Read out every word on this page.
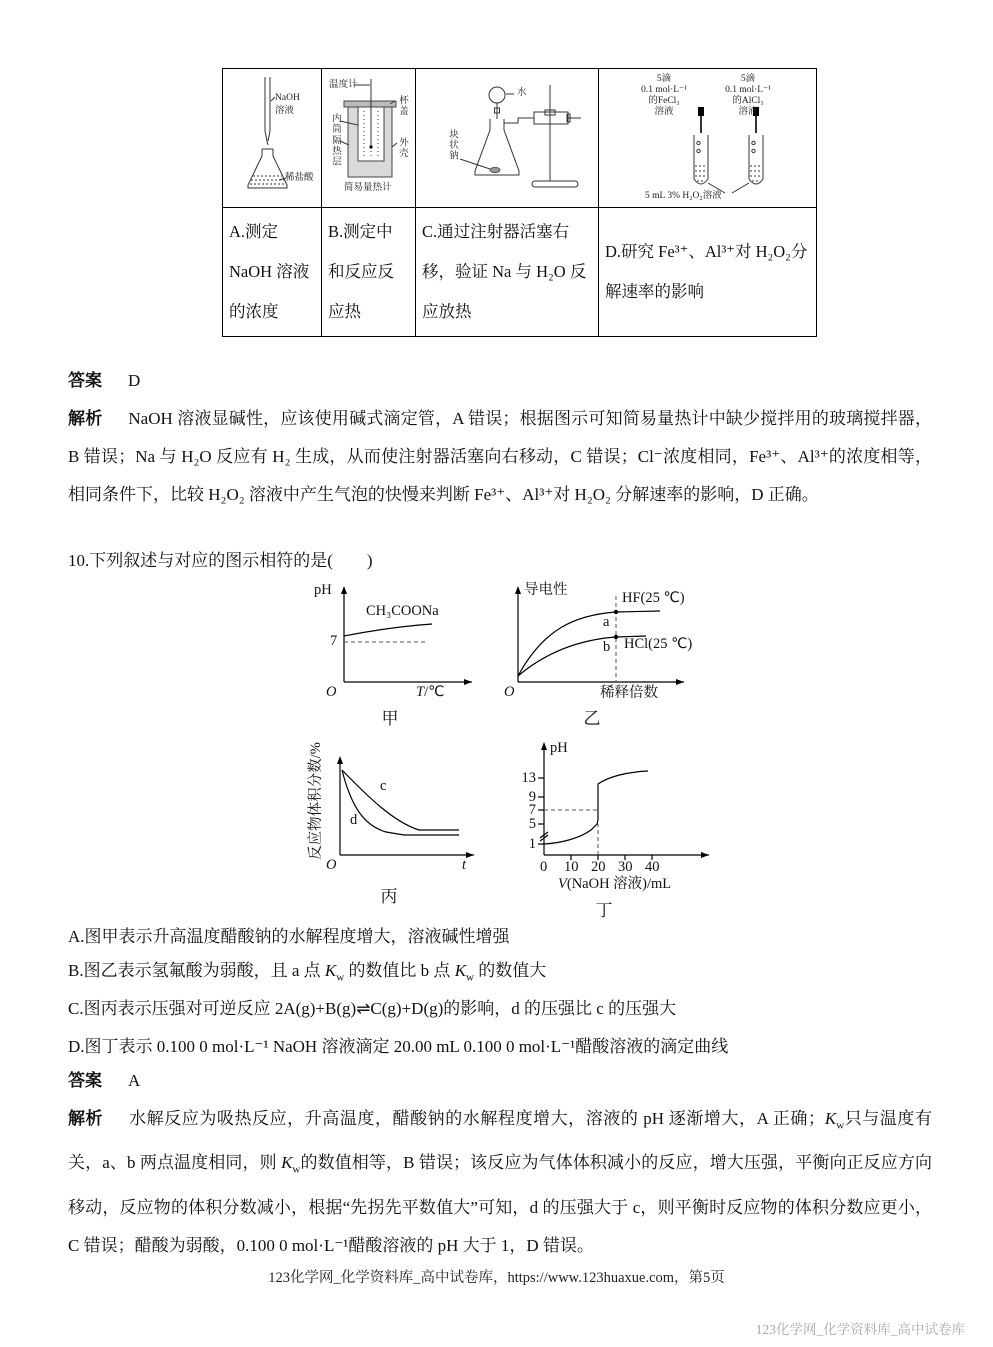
NaOH
溶液
稀盐酸

温度计
杯盖
内筒
隔热层	外壳
简易量热计

水
块状钠

5滴
0.1 mol·L⁻¹
的FeCl₃
溶液
5滴
0.1 mol·L⁻¹
的AlCl₃
溶液
5 mL 3% H₂O₂溶液

A.测定 NaOH 溶液的浓度	B.测定中和反应反应热	C.通过注射器活塞右移，验证 Na 与 H₂O 反应放热	D.研究 Fe³⁺、Al³⁺对 H₂O₂分解速率的影响
答案 D
解析 NaOH 溶液显碱性，应该使用碱式滴定管，A 错误；根据图示可知简易量热计中缺少搅拌用的玻璃搅拌器，B 错误；Na 与 H₂O 反应有 H₂ 生成，从而使注射器活塞向右移动，C 错误；Cl⁻浓度相同，Fe³⁺、Al³⁺的浓度相等，相同条件下，比较 H₂O₂ 溶液中产生气泡的快慢来判断 Fe³⁺、Al³⁺对 H₂O₂ 分解速率的影响，D 正确。
10.下列叙述与对应的图示相符的是(　　)
pH
7
CH₃COONa
O	T/℃
甲
导电性	HF(25 ℃)
a
b HCl(25 ℃)
O	稀释倍数
乙
反应物体积分数/%	c
d
O	t
丙
pH
13
9
7
5
1
0 10 20 30 40
V(NaOH 溶液)/mL
丁
A.图甲表示升高温度醋酸钠的水解程度增大，溶液碱性增强
B.图乙表示氢氟酸为弱酸，且 a 点 $K_w$ 的数值比 b 点 $K_w$ 的数值大
C.图丙表示压强对可逆反应 2A(g)+B(g)⇌C(g)+D(g)的影响，d 的压强比 c 的压强大
D.图丁表示 0.100 0 mol·L⁻¹ NaOH 溶液滴定 20.00 mL 0.100 0 mol·L⁻¹醋酸溶液的滴定曲线
答案 A
解析 水解反应为吸热反应，升高温度，醋酸钠的水解程度增大，溶液的 pH 逐渐增大，A 正确；$K_w$只与温度有关，a、b 两点温度相同，则 $K_w$的数值相等，B 错误；该反应为气体体积减小的反应，增大压强，平衡向正反应方向移动，反应物的体积分数减小，根据“先拐先平数值大”可知，d 的压强大于 c，则平衡时反应物的体积分数应更小，C 错误；醋酸为弱酸，0.100 0 mol·L⁻¹醋酸溶液的 pH 大于 1，D 错误。
123化学网_化学资料库_高中试卷库，https://www.123huaxue.com，第5页
123化学网_化学资料库_高中试卷库
